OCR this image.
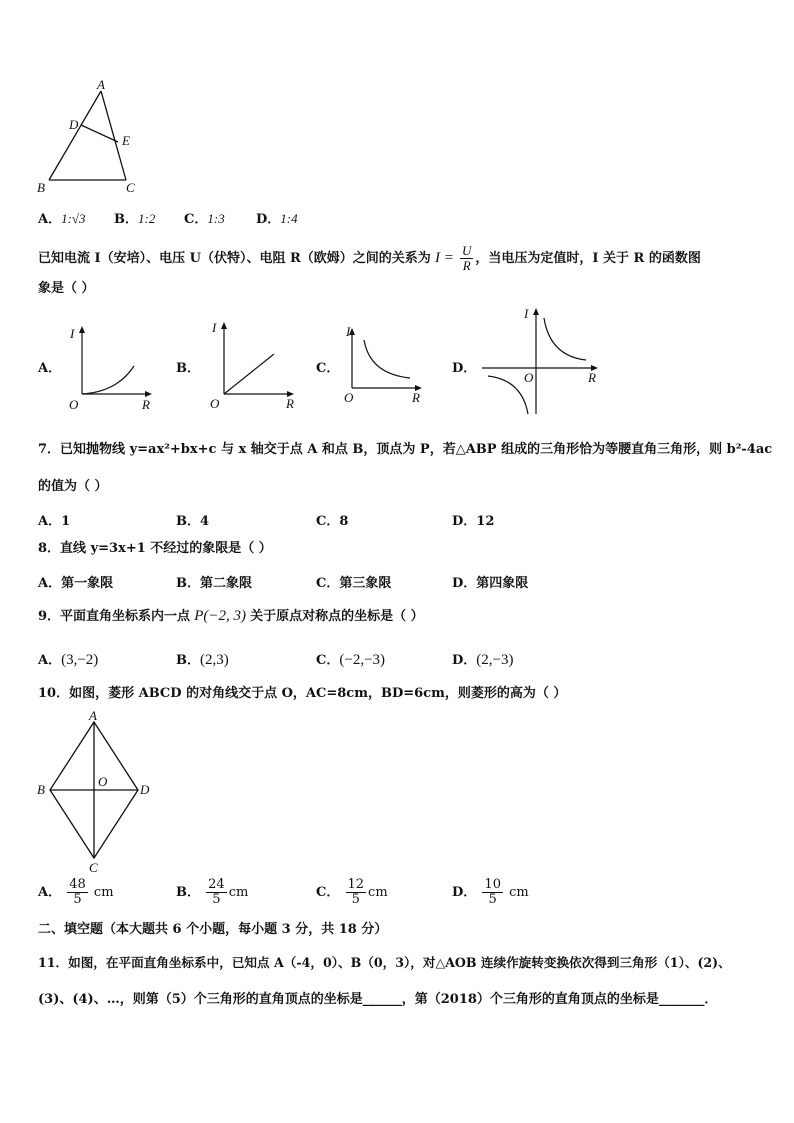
A
D
E
B	C
A．1:√3 B．1:2 C．1:3 D．1:4
已知电流 I（安培）、电压 U（伏特）、电阻 R（欧姆）之间的关系为 $I = \frac{U}{R}$ ，当电压为定值时，I 关于 R 的函数图
象是（ ）
A．	B．	C．	D．
I
R
O
I
R
O
I
R
O
I
R
O
7．已知抛物线 y=ax²+bx+c 与 x 轴交于点 A 和点 B，顶点为 P，若△ABP 组成的三角形恰为等腰直角三角形，则 b²-4ac
的值为（ ）
A．1	B．4	C．8	D．12
8．直线 y=3x+1 不经过的象限是（ ）
A．第一象限	B．第二象限	C．第三象限	D．第四象限
9．平面直角坐标系内一点 P(−2, 3) 关于原点对称点的坐标是（ ）
A．(3,−2)	B．(2,3)	C．(−2,−3)	D．(2,−3)
10．如图，菱形 ABCD 的对角线交于点 O，AC=8cm，BD=6cm，则菱形的高为（ ）
A
B	D
O
C
A． $\frac{48}{5}$ cm	B． $\frac{24}{5}$ cm	C． $\frac{12}{5}$ cm	D． $\frac{10}{5}$ cm
二、填空题（本大题共 6 个小题，每小题 3 分，共 18 分）
11．如图，在平面直角坐标系中，已知点 A（-4，0）、B（0，3），对△AOB 连续作旋转变换依次得到三角形（1）、(2)、
(3)、(4)、…，则第（5）个三角形的直角顶点的坐标是______，第（2018）个三角形的直角顶点的坐标是_______．
